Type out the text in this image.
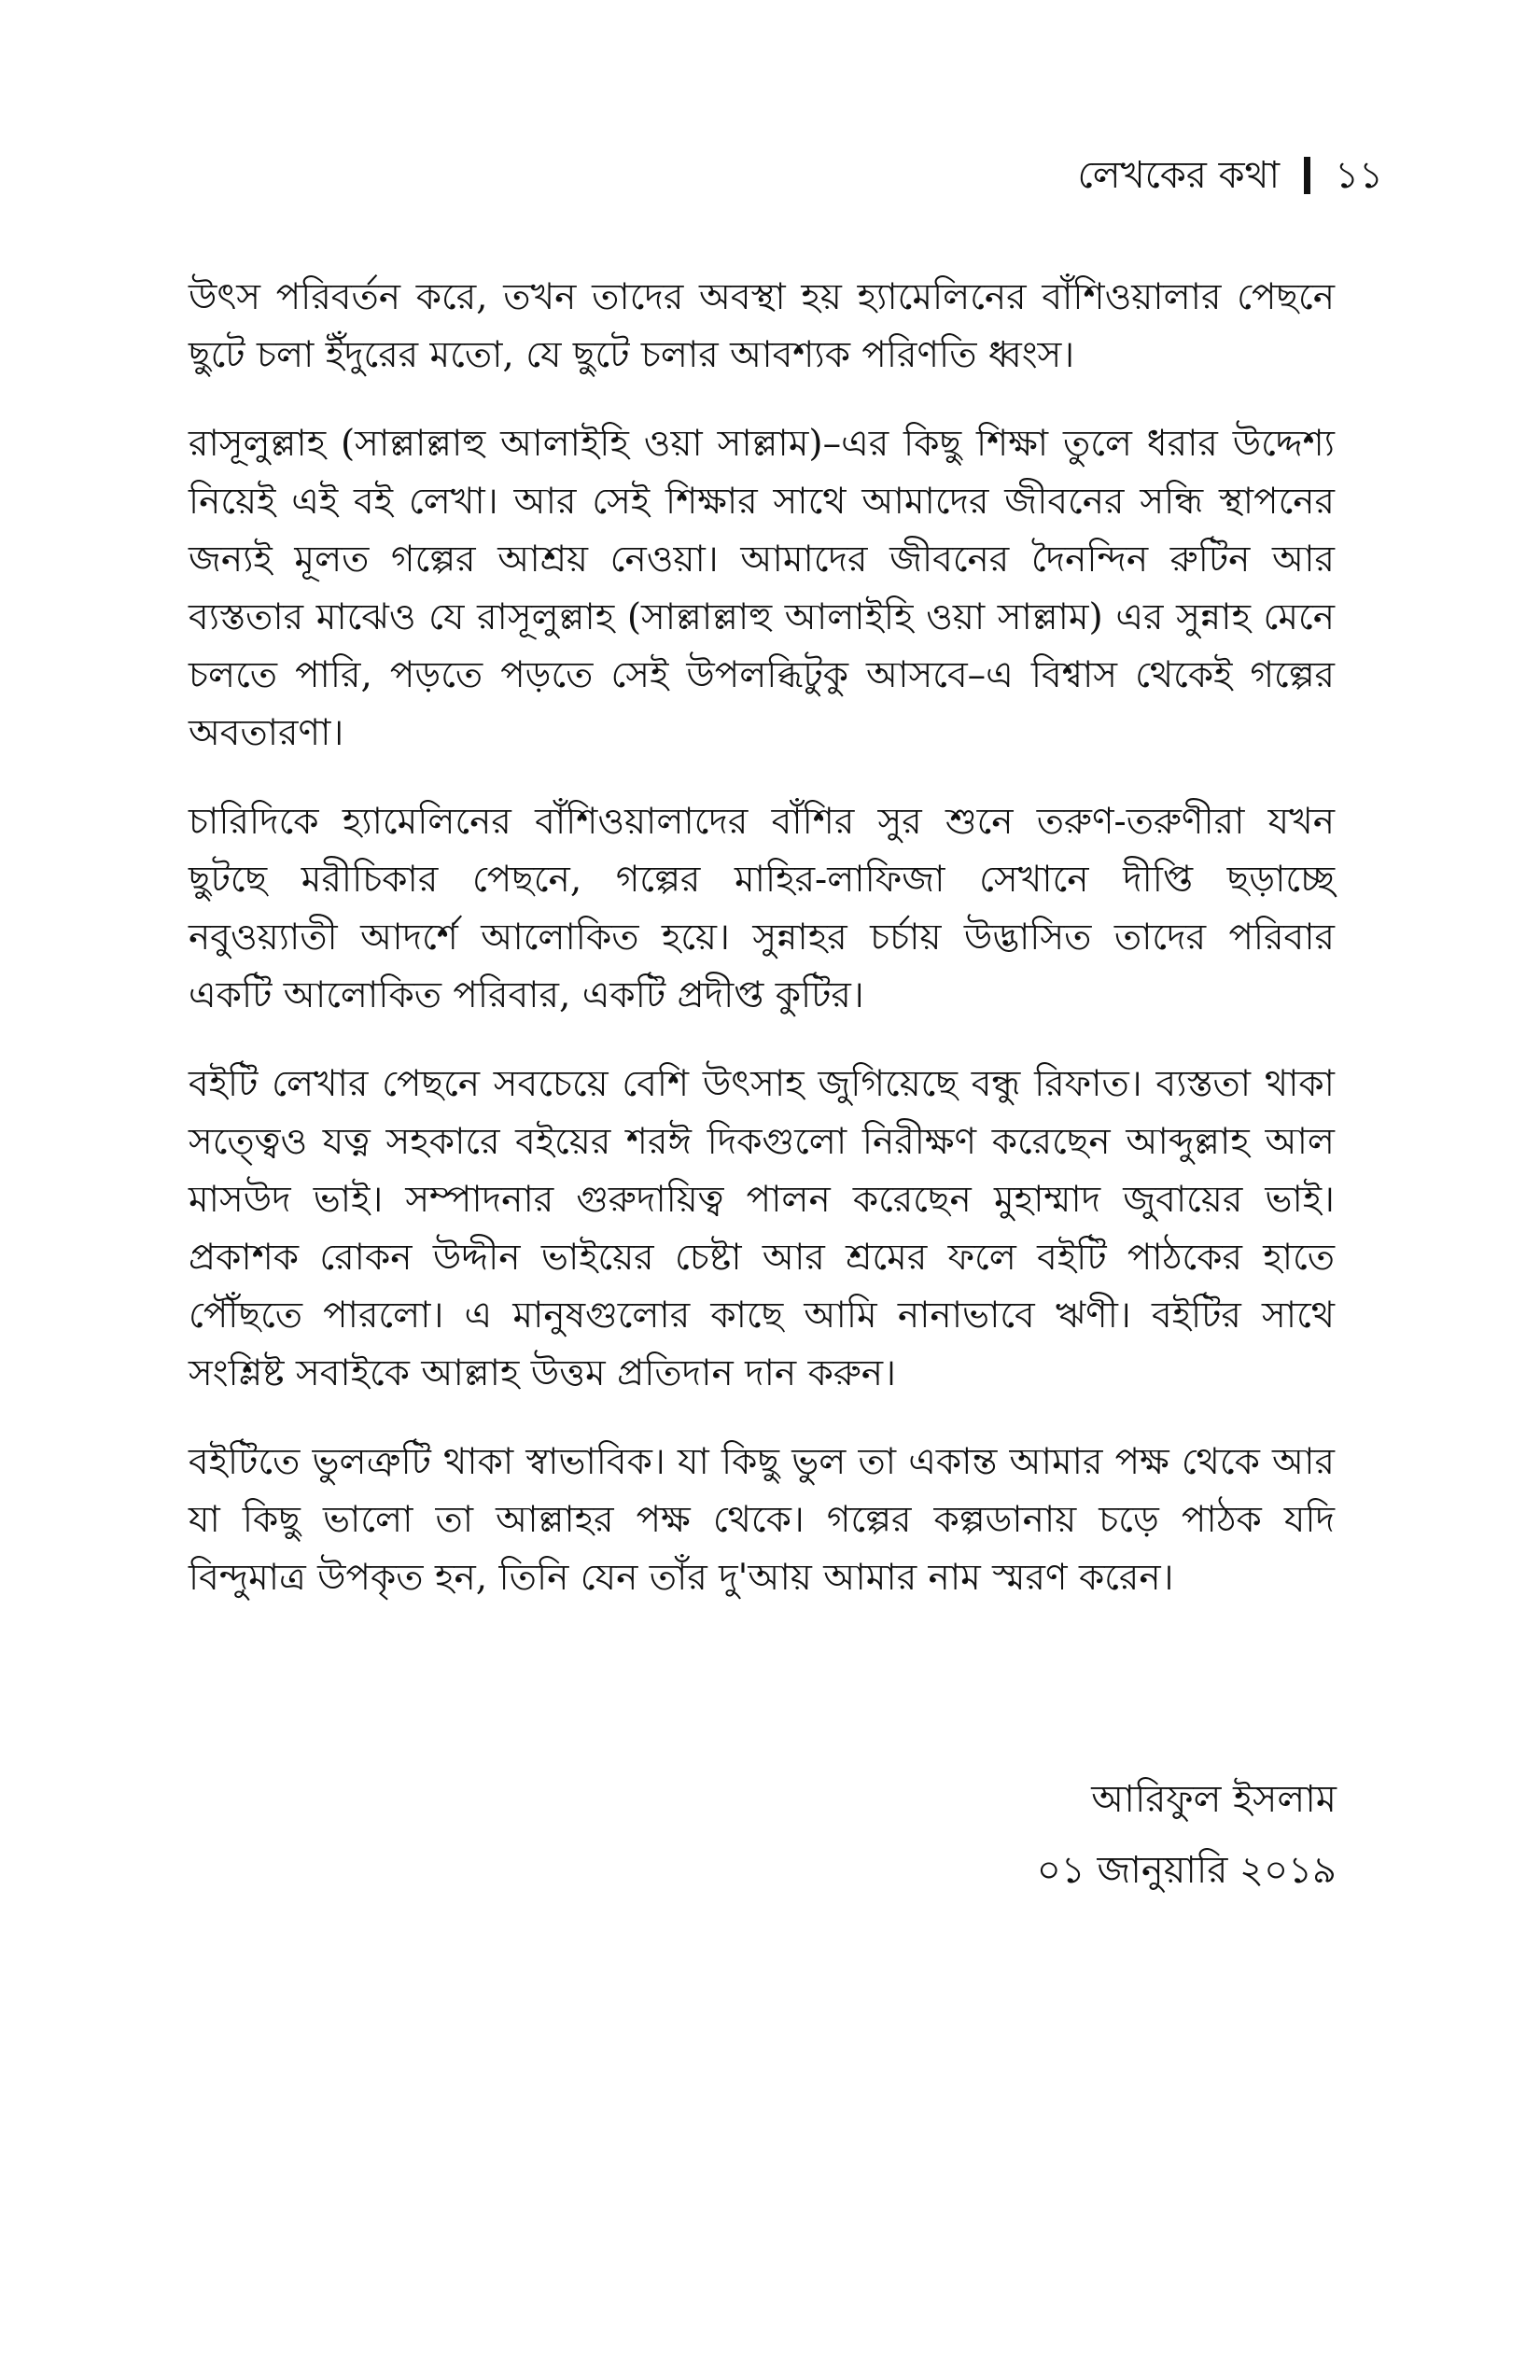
লেখকের কথা ১১

উৎস পরিবর্তন করে, তখন তাদের অবস্থা হয় হ্যামেলিনের বাঁশিওয়ালার পেছনে ছুটে চলা ইঁদুরের মতো, যে ছুটে চলার আবশ্যক পরিণতি ধ্বংস।

রাসূলুল্লাহ (সাল্লাল্লাহু আলাইহি ওয়া সাল্লাম)–এর কিছু শিক্ষা তুলে ধরার উদ্দেশ্য নিয়েই এই বই লেখা। আর সেই শিক্ষার সাথে আমাদের জীবনের সন্ধি স্থাপনের জন্যই মূলত গল্পের আশ্রয় নেওয়া। আমাদের জীবনের দৈনন্দিন রুটিন আর ব্যস্ততার মাঝেও যে রাসূলুল্লাহ (সাল্লাল্লাহু আলাইহি ওয়া সাল্লাম) এর সুন্নাহ মেনে চলতে পারি, পড়তে পড়তে সেই উপলব্ধিটুকু আসবে–এ বিশ্বাস থেকেই গল্পের অবতারণা।

চারিদিকে হ্যামেলিনের বাঁশিওয়ালাদের বাঁশির সুর শুনে তরুণ-তরুণীরা যখন ছুটছে মরীচিকার পেছনে, গল্পের মাহির-লাফিজা সেখানে দীপ্তি ছড়াচ্ছে নবুওয়্যাতী আদর্শে আলোকিত হয়ে। সুন্নাহর চর্চায় উদ্ভাসিত তাদের পরিবার একটি আলোকিত পরিবার, একটি প্রদীপ্ত কুটির।

বইটি লেখার পেছনে সবচেয়ে বেশি উৎসাহ জুগিয়েছে বন্ধু রিফাত। ব্যস্ততা থাকা সত্ত্বেও যত্ন সহকারে বইয়ের শরঈ দিকগুলো নিরীক্ষণ করেছেন আব্দুল্লাহ আল মাসউদ ভাই। সম্পাদনার গুরুদায়িত্ব পালন করেছেন মুহাম্মাদ জুবায়ের ভাই। প্রকাশক রোকন উদ্দীন ভাইয়ের চেষ্টা আর শ্রমের ফলে বইটি পাঠকের হাতে পৌঁছতে পারলো। এ মানুষগুলোর কাছে আমি নানাভাবে ঋণী। বইটির সাথে সংশ্লিষ্ট সবাইকে আল্লাহ উত্তম প্রতিদান দান করুন।

বইটিতে ভুলত্রুটি থাকা স্বাভাবিক। যা কিছু ভুল তা একান্ত আমার পক্ষ থেকে আর যা কিছু ভালো তা আল্লাহর পক্ষ থেকে। গল্পের কল্পডানায় চড়ে পাঠক যদি বিন্দুমাত্র উপকৃত হন, তিনি যেন তাঁর দু'আয় আমার নাম স্মরণ করেন।

আরিফুল ইসলাম
০১ জানুয়ারি ২০১৯
